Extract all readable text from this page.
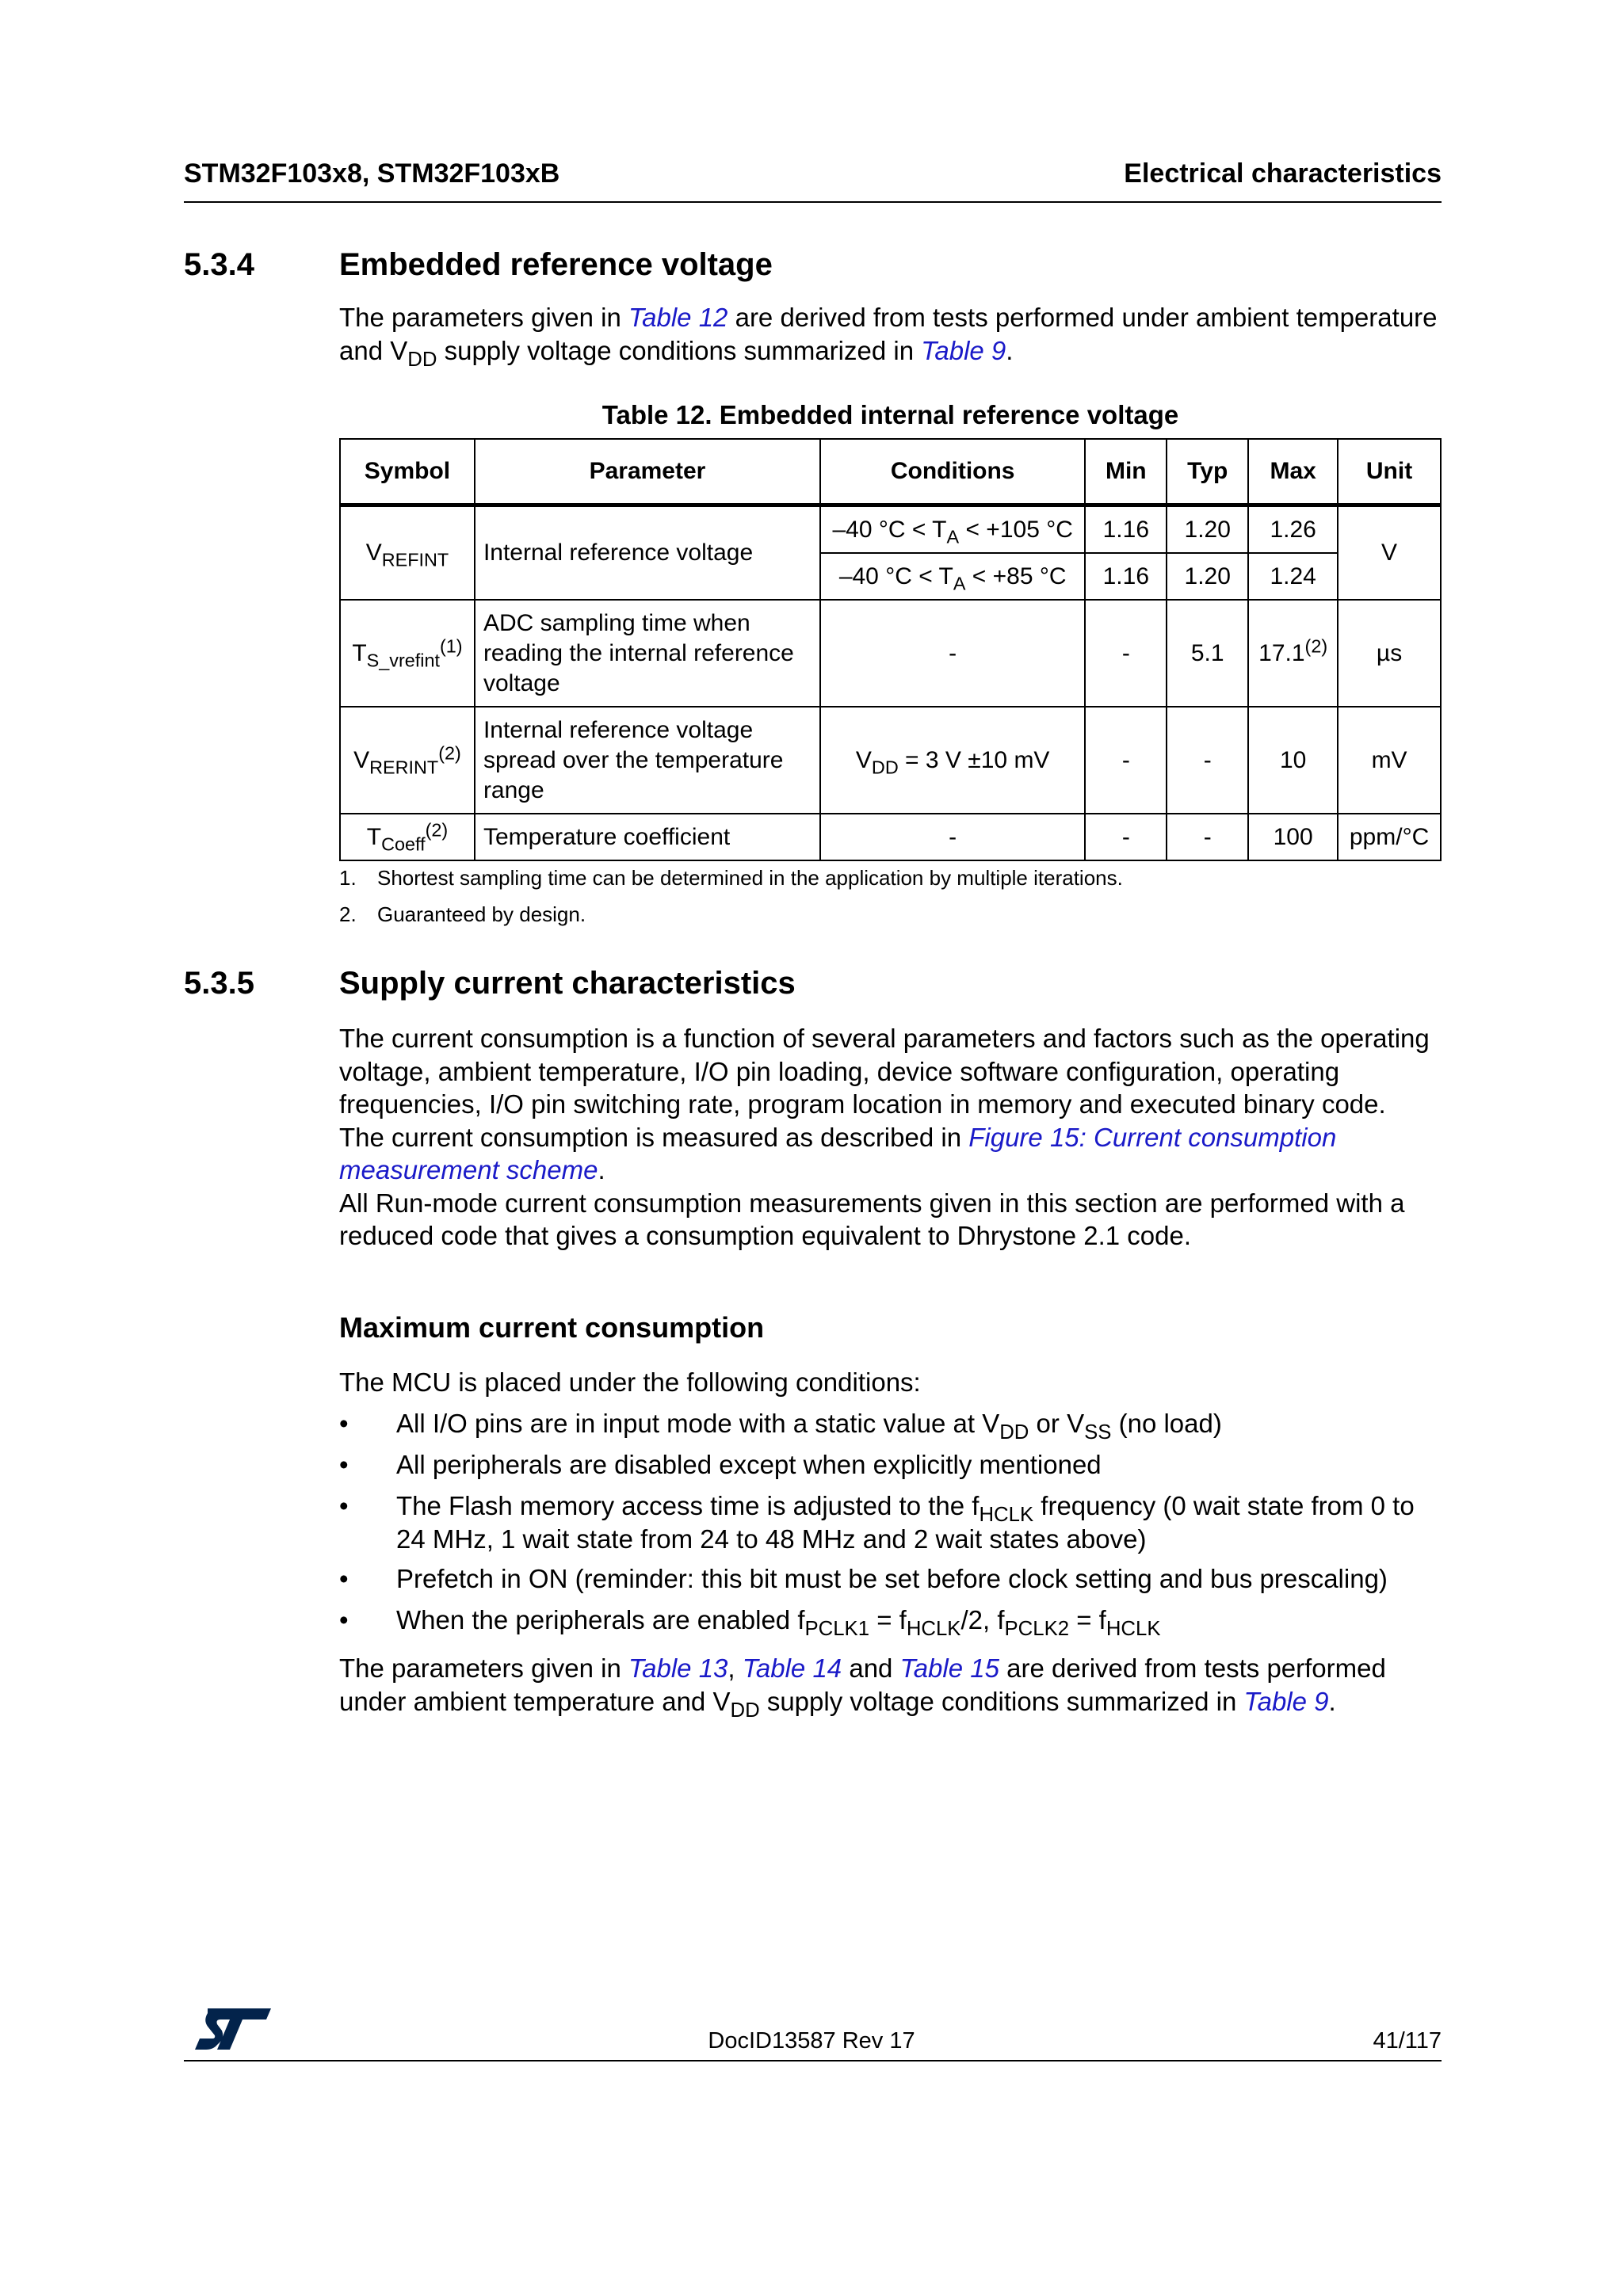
STM32F103x8, STM32F103xB	Electrical characteristics
5.3.4	Embedded reference voltage

The parameters given in Table 12 are derived from tests performed under ambient temperature and $V_{DD}$ supply voltage conditions summarized in Table 9.

Table 12. Embedded internal reference voltage
Symbol	Parameter	Conditions	Min	Typ	Max	Unit
$V_{REFINT}$	Internal reference voltage	–40 $^\circ C < T_A < +105$ °C	1.16	1.20	1.26	V
		–40 $^\circ C < T_A < +85$ °C	1.16	1.20	1.24	
$T_{S\_vrefint}^{(1)}$	ADC sampling time when reading the internal reference voltage	-	-	5.1	17.1$^{(2)}$	µs
$V_{RERINT}^{(2)}$	Internal reference voltage spread over the temperature range	$V_{DD} = 3$ V ±10 mV	-	-	10	mV
$T_{Coeff}^{(2)}$	Temperature coefficient	-	-	-	100	ppm/°C
1. Shortest sampling time can be determined in the application by multiple iterations.
2. Guaranteed by design.
5.3.5	Supply current characteristics

The current consumption is a function of several parameters and factors such as the operating voltage, ambient temperature, I/O pin loading, device software configuration, operating frequencies, I/O pin switching rate, program location in memory and executed binary code.

The current consumption is measured as described in Figure 15: Current consumption measurement scheme.

All Run-mode current consumption measurements given in this section are performed with a reduced code that gives a consumption equivalent to Dhrystone 2.1 code.

Maximum current consumption
The MCU is placed under the following conditions:
• All I/O pins are in input mode with a static value at $V_{DD}$ or $V_{SS}$ (no load)
• All peripherals are disabled except when explicitly mentioned
• The Flash memory access time is adjusted to the $f_{HCLK}$ frequency (0 wait state from 0 to 24 MHz, 1 wait state from 24 to 48 MHz and 2 wait states above)
• Prefetch in ON (reminder: this bit must be set before clock setting and bus prescaling)
• When the peripherals are enabled $f_{PCLK1} = f_{HCLK}/2$, $f_{PCLK2} = f_{HCLK}$

The parameters given in Table 13, Table 14 and Table 15 are derived from tests performed under ambient temperature and $V_{DD}$ supply voltage conditions summarized in Table 9.

DocID13587 Rev 17	41/117
